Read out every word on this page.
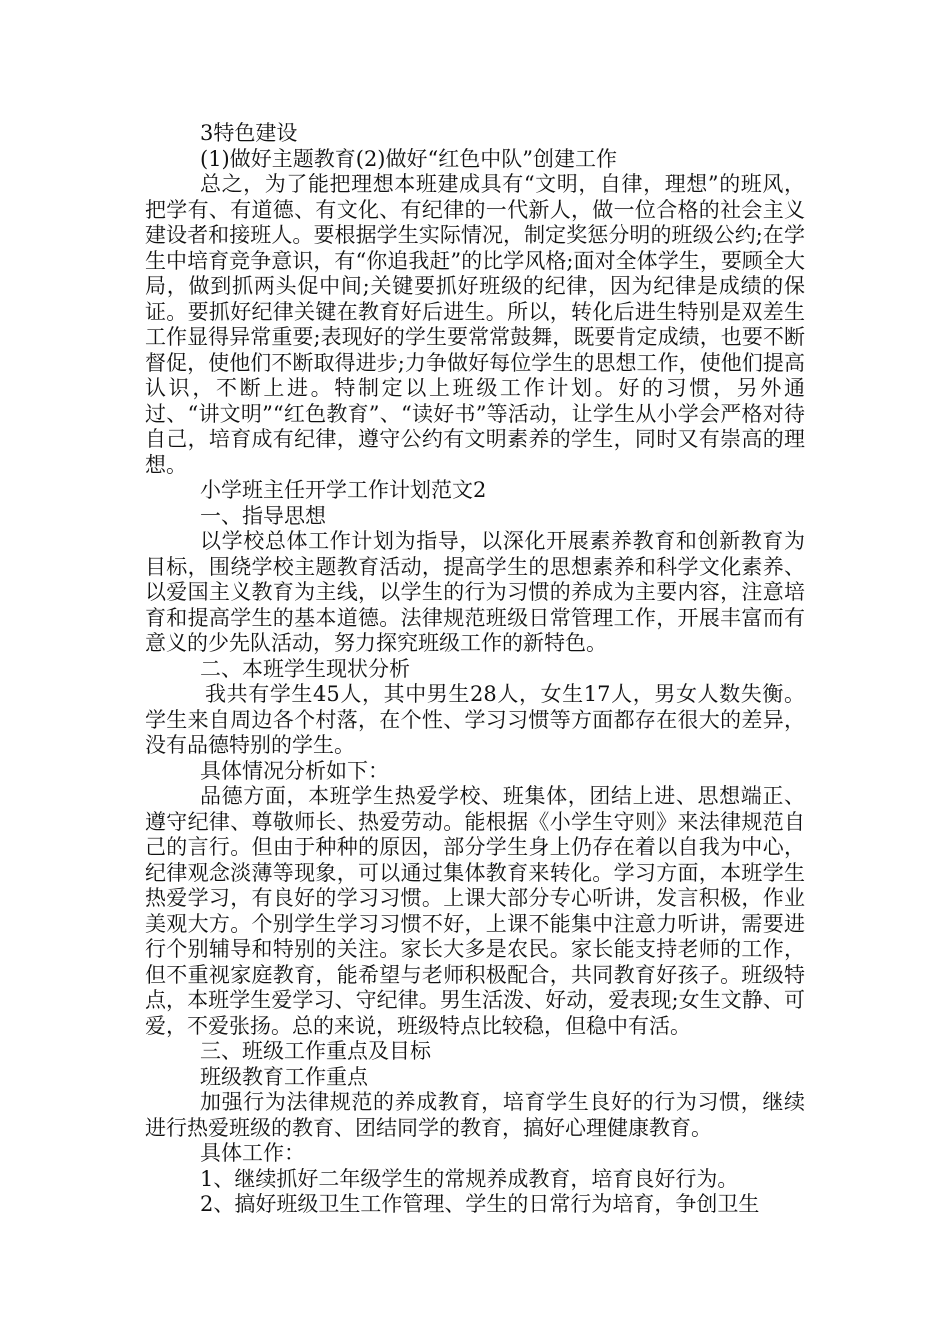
3特色建设

(1)做好主题教育(2)做好“红色中队”创建工作

总之，为了能把理想本班建成具有“文明，自律，理想”的班风，把学有、有道德、有文化、有纪律的一代新人，做一位合格的社会主义建设者和接班人。要根据学生实际情况，制定奖惩分明的班级公约;在学生中培育竞争意识，有“你追我赶”的比学风格;面对全体学生，要顾全大局，做到抓两头促中间;关键要抓好班级的纪律，因为纪律是成绩的保证。要抓好纪律关键在教育好后进生。所以，转化后进生特别是双差生工作显得异常重要;表现好的学生要常常鼓舞，既要肯定成绩，也要不断督促，使他们不断取得进步;力争做好每位学生的思想工作，使他们提高认识，不断上进。特制定以上班级工作计划。好的习惯，另外通过、“讲文明”“红色教育”、“读好书”等活动，让学生从小学会严格对待自己，培育成有纪律，遵守公约有文明素养的学生，同时又有崇高的理想。

小学班主任开学工作计划范文2

一、指导思想

以学校总体工作计划为指导，以深化开展素养教育和创新教育为目标，围绕学校主题教育活动，提高学生的思想素养和科学文化素养、以爱国主义教育为主线，以学生的行为习惯的养成为主要内容，注意培育和提高学生的基本道德。法律规范班级日常管理工作，开展丰富而有意义的少先队活动，努力探究班级工作的新特色。

二、本班学生现状分析

我共有学生45人，其中男生28人，女生17人，男女人数失衡。学生来自周边各个村落，在个性、学习习惯等方面都存在很大的差异，没有品德特别的学生。

具体情况分析如下：

品德方面，本班学生热爱学校、班集体，团结上进、思想端正、遵守纪律、尊敬师长、热爱劳动。能根据《小学生守则》来法律规范自己的言行。但由于种种的原因，部分学生身上仍存在着以自我为中心，纪律观念淡薄等现象，可以通过集体教育来转化。学习方面，本班学生热爱学习，有良好的学习习惯。上课大部分专心听讲，发言积极，作业美观大方。个别学生学习习惯不好，上课不能集中注意力听讲，需要进行个别辅导和特别的关注。家长大多是农民。家长能支持老师的工作，但不重视家庭教育，能希望与老师积极配合，共同教育好孩子。班级特点，本班学生爱学习、守纪律。男生活泼、好动，爱表现;女生文静、可爱，不爱张扬。总的来说，班级特点比较稳，但稳中有活。

三、班级工作重点及目标

班级教育工作重点

加强行为法律规范的养成教育，培育学生良好的行为习惯，继续进行热爱班级的教育、团结同学的教育，搞好心理健康教育。

具体工作：

1、继续抓好二年级学生的常规养成教育，培育良好行为。

2、搞好班级卫生工作管理、学生的日常行为培育，争创卫生
